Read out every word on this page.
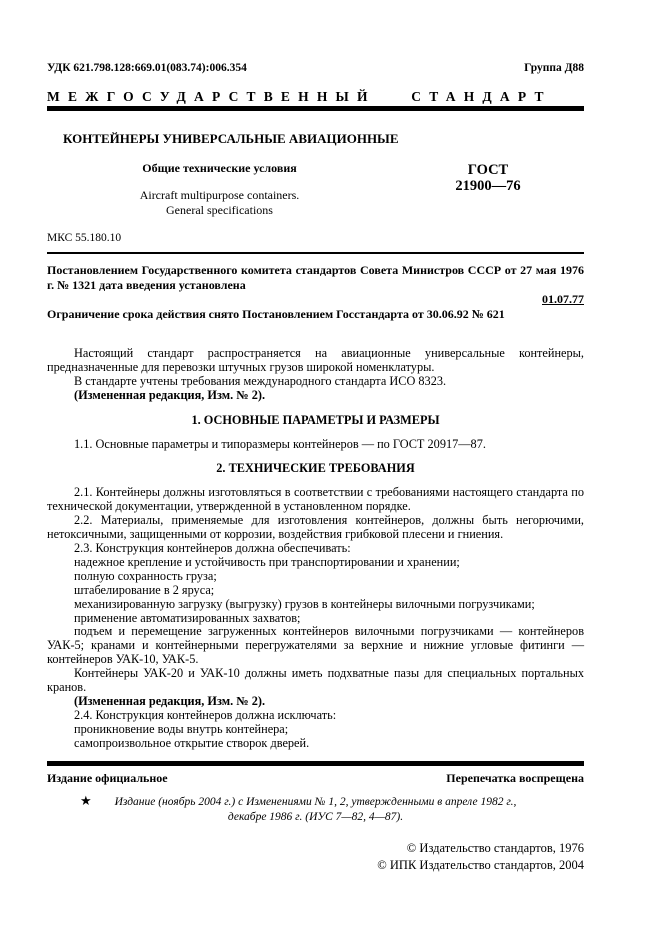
УДК 621.798.128:669.01(083.74):006.354	Группа Д88
МЕЖГОСУДАРСТВЕННЫЙ СТАНДАРТ
КОНТЕЙНЕРЫ УНИВЕРСАЛЬНЫЕ АВИАЦИОННЫЕ
Общие технические условия
Aircraft multipurpose containers.
General specifications
ГОСТ
21900—76
МКС 55.180.10

Постановлением Государственного комитета стандартов Совета Министров СССР от 27 мая 1976 г. № 1321 дата введения установлена

01.07.77

Ограничение срока действия снято Постановлением Госстандарта от 30.06.92 № 621

Настоящий стандарт распространяется на авиационные универсальные контейнеры, предназначенные для перевозки штучных грузов широкой номенклатуры.

В стандарте учтены требования международного стандарта ИСО 8323.

(Измененная редакция, Изм. № 2).

1. ОСНОВНЫЕ ПАРАМЕТРЫ И РАЗМЕРЫ

1.1. Основные параметры и типоразмеры контейнеров — по ГОСТ 20917—87.

2. ТЕХНИЧЕСКИЕ ТРЕБОВАНИЯ

2.1. Контейнеры должны изготовляться в соответствии с требованиями настоящего стандарта по технической документации, утвержденной в установленном порядке.

2.2. Материалы, применяемые для изготовления контейнеров, должны быть негорючими, нетоксичными, защищенными от коррозии, воздействия грибковой плесени и гниения.

2.3. Конструкция контейнеров должна обеспечивать:

надежное крепление и устойчивость при транспортировании и хранении;

полную сохранность груза;

штабелирование в 2 яруса;

механизированную загрузку (выгрузку) грузов в контейнеры вилочными погрузчиками;

применение автоматизированных захватов;

подъем и перемещение загруженных контейнеров вилочными погрузчиками — контейнеров УАК-5; кранами и контейнерными перегружателями за верхние и нижние угловые фитинги — контейнеров УАК-10, УАК-5.

Контейнеры УАК-20 и УАК-10 должны иметь подхватные пазы для специальных портальных кранов.

(Измененная редакция, Изм. № 2).

2.4. Конструкция контейнеров должна исключать:

проникновение воды внутрь контейнера;

самопроизвольное открытие створок дверей.

Издание официальное	Перепечатка воспрещена
★	Издание (ноябрь 2004 г.) с Изменениями № 1, 2, утвержденными в апреле 1982 г.,
декабре 1986 г. (ИУС 7—82, 4—87).
© Издательство стандартов, 1976
© ИПК Издательство стандартов, 2004
